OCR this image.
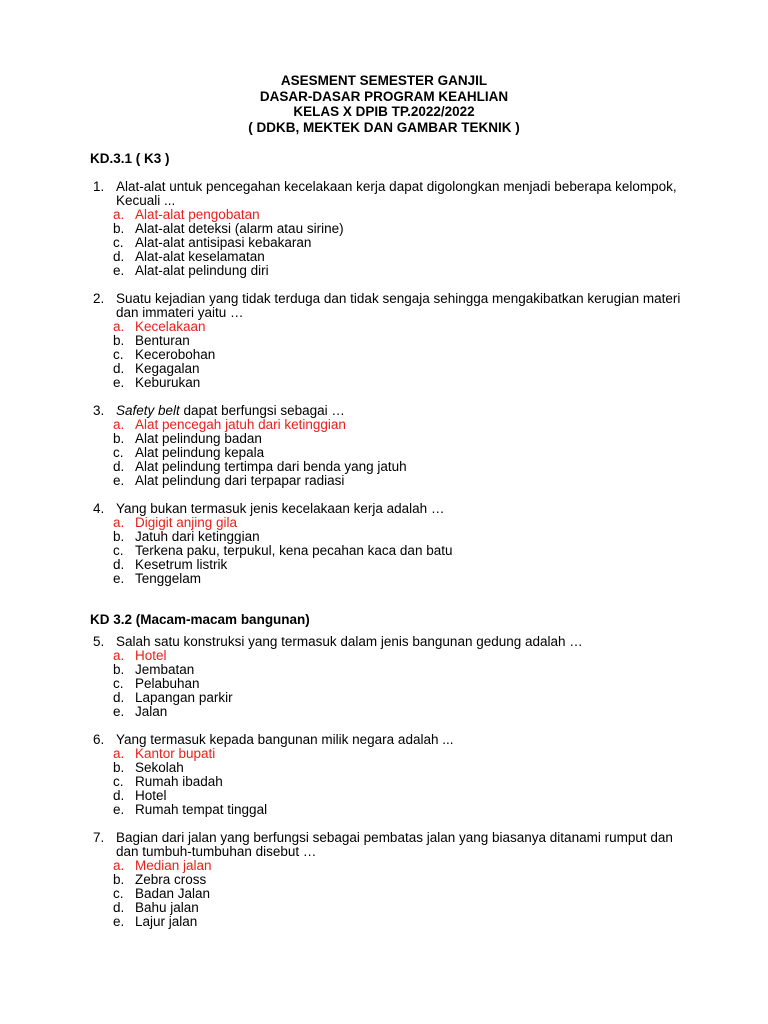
ASESMENT SEMESTER GANJIL
DASAR-DASAR PROGRAM KEAHLIAN
KELAS X DPIB TP.2022/2022
( DDKB, MEKTEK DAN GAMBAR TEKNIK )
KD.3.1 ( K3 )
1. Alat-alat untuk pencegahan kecelakaan kerja dapat digolongkan menjadi beberapa kelompok, Kecuali ...
a. Alat-alat pengobatan
b. Alat-alat deteksi (alarm atau sirine)
c. Alat-alat antisipasi kebakaran
d. Alat-alat keselamatan
e. Alat-alat pelindung diri
2. Suatu kejadian yang tidak terduga dan tidak sengaja sehingga mengakibatkan kerugian materi dan immateri yaitu …
a. Kecelakaan
b. Benturan
c. Kecerobohan
d. Kegagalan
e. Keburukan
3. Safety belt dapat berfungsi sebagai …
a. Alat pencegah jatuh dari ketinggian
b. Alat pelindung badan
c. Alat pelindung kepala
d. Alat pelindung tertimpa dari benda yang jatuh
e. Alat pelindung dari terpapar radiasi
4. Yang bukan termasuk jenis kecelakaan kerja adalah …
a. Digigit anjing gila
b. Jatuh dari ketinggian
c. Terkena paku, terpukul, kena pecahan kaca dan batu
d. Kesetrum listrik
e. Tenggelam
KD 3.2 (Macam-macam bangunan)
5. Salah satu konstruksi yang termasuk dalam jenis bangunan gedung adalah …
a. Hotel
b. Jembatan
c. Pelabuhan
d. Lapangan parkir
e. Jalan
6. Yang termasuk kepada bangunan milik negara adalah ...
a. Kantor bupati
b. Sekolah
c. Rumah ibadah
d. Hotel
e. Rumah tempat tinggal
7. Bagian dari jalan yang berfungsi sebagai pembatas jalan yang biasanya ditanami rumput dan dan tumbuh-tumbuhan disebut …
a. Median jalan
b. Zebra cross
c. Badan Jalan
d. Bahu jalan
e. Lajur jalan
